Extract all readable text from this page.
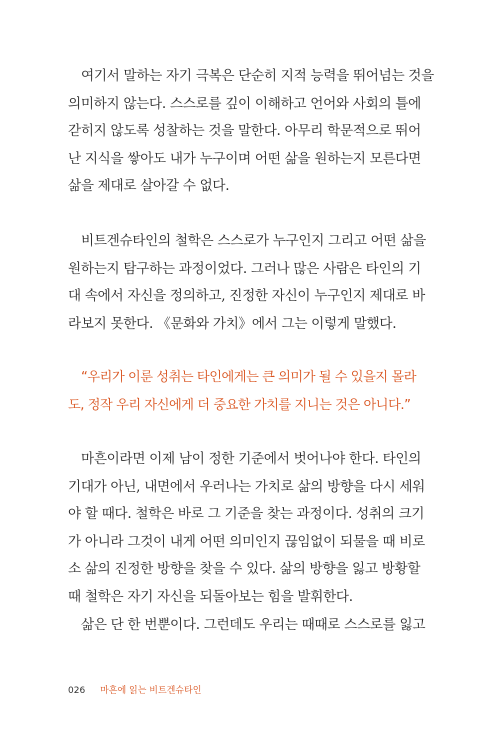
여기서 말하는 자기 극복은 단순히 지적 능력을 뛰어넘는 것을
의미하지 않는다. 스스로를 깊이 이해하고 언어와 사회의 틀에
갇히지 않도록 성찰하는 것을 말한다. 아무리 학문적으로 뛰어
난 지식을 쌓아도 내가 누구이며 어떤 삶을 원하는지 모른다면
삶을 제대로 살아갈 수 없다.
비트겐슈타인의 철학은 스스로가 누구인지 그리고 어떤 삶을
원하는지 탐구하는 과정이었다. 그러나 많은 사람은 타인의 기
대 속에서 자신을 정의하고, 진정한 자신이 누구인지 제대로 바
라보지 못한다. 《문화와 가치》에서 그는 이렇게 말했다.
“우리가 이룬 성취는 타인에게는 큰 의미가 될 수 있을지 몰라
도, 정작 우리 자신에게 더 중요한 가치를 지니는 것은 아니다.”
마흔이라면 이제 남이 정한 기준에서 벗어나야 한다. 타인의
기대가 아닌, 내면에서 우러나는 가치로 삶의 방향을 다시 세워
야 할 때다. 철학은 바로 그 기준을 찾는 과정이다. 성취의 크기
가 아니라 그것이 내게 어떤 의미인지 끊임없이 되물을 때 비로
소 삶의 진정한 방향을 찾을 수 있다. 삶의 방향을 잃고 방황할
때 철학은 자기 자신을 되돌아보는 힘을 발휘한다.
삶은 단 한 번뿐이다. 그런데도 우리는 때때로 스스로를 잃고
026 마흔에 읽는 비트겐슈타인
